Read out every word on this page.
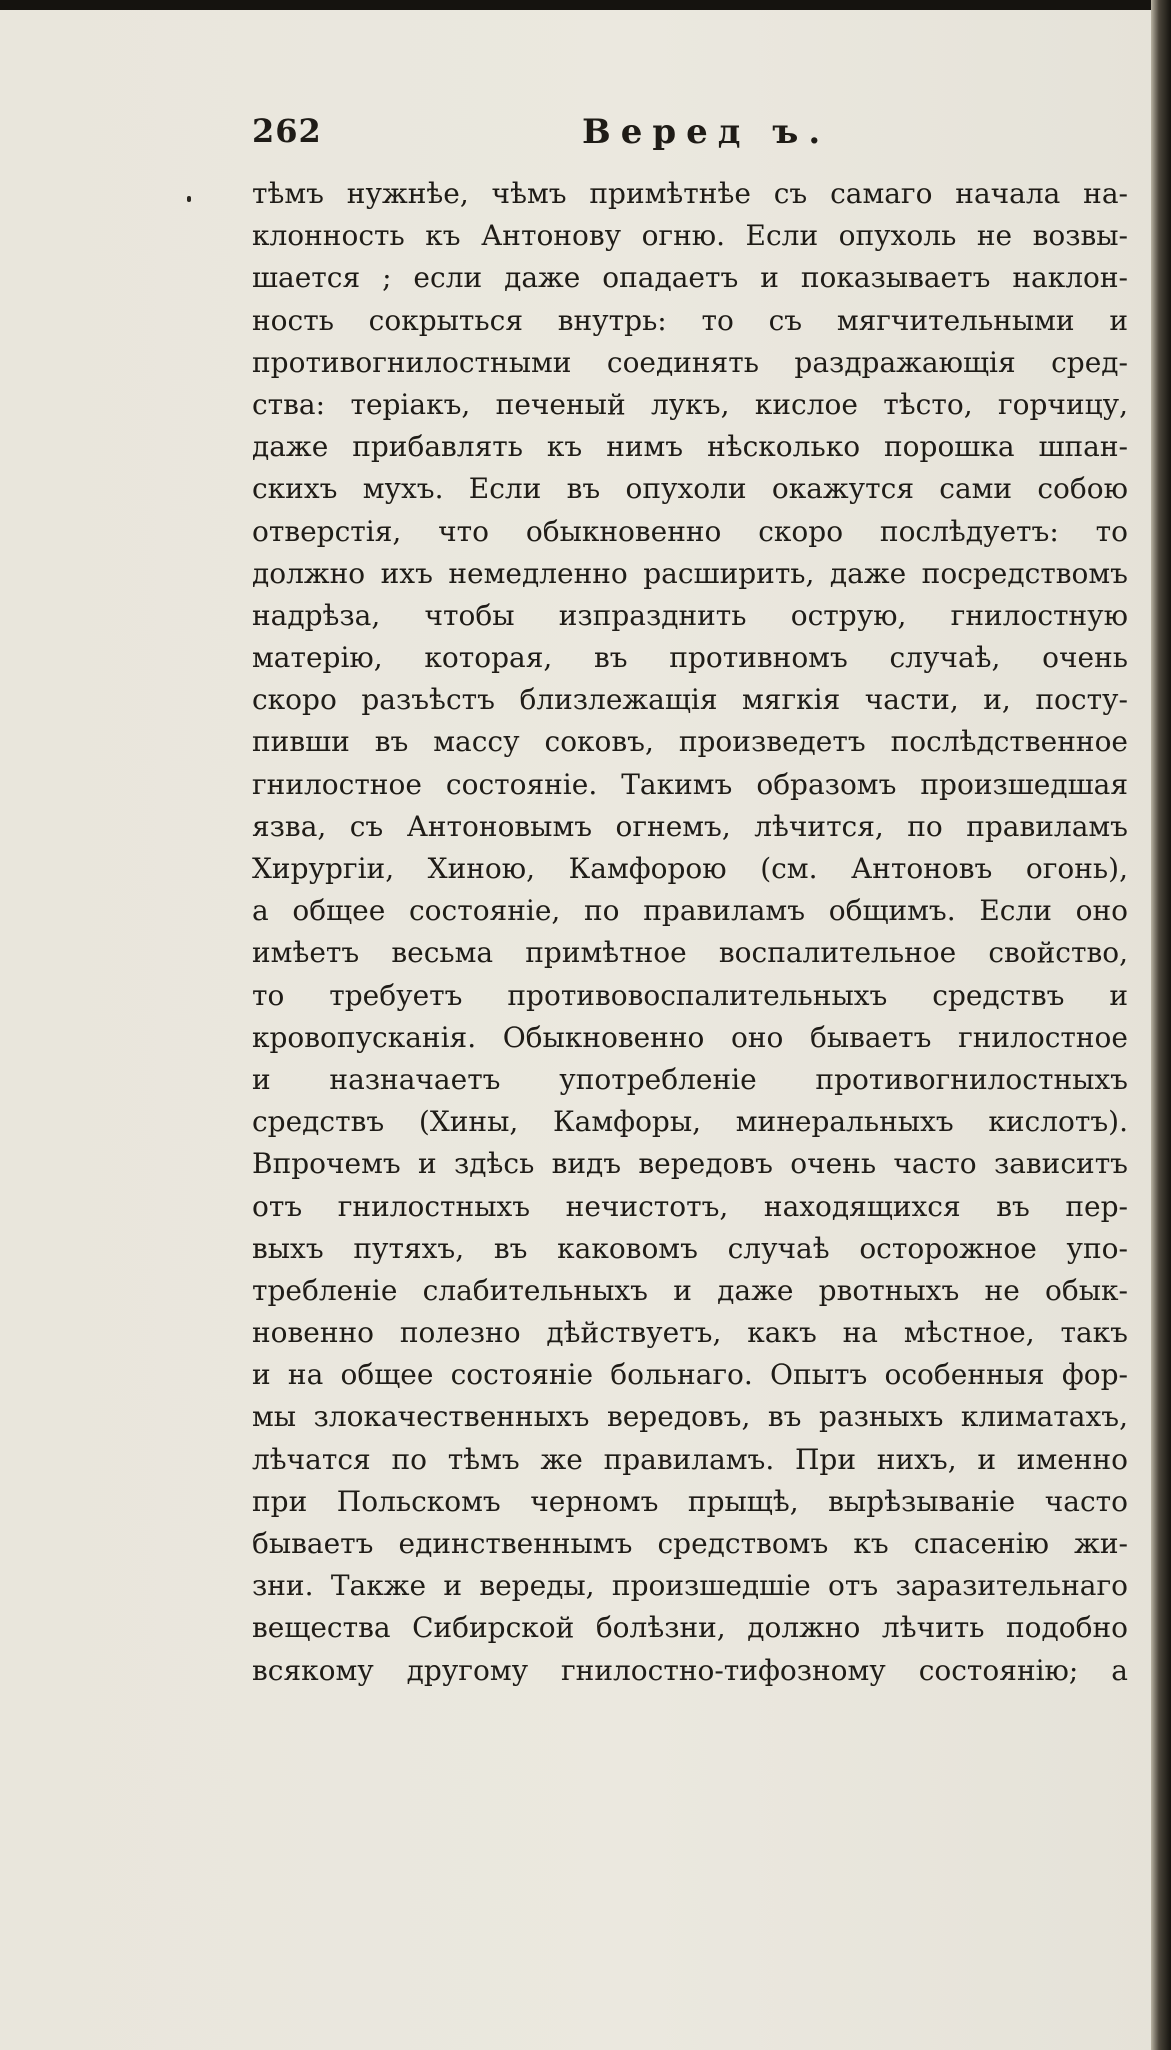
262	Веред ъ.
тѣмъ нужнѣе, чѣмъ примѣтнѣе съ самаго начала на-
клонность къ Антонову огню. Если опухоль не возвы-
шается ; если даже опадаетъ и показываетъ наклон-
ность сокрыться внутрь: то съ мягчительными и
противогнилостными соединять раздражающія сред-
ства: теріакъ, печеный лукъ, кислое тѣсто, горчицу,
даже прибавлять къ нимъ нѣсколько порошка шпан-
скихъ мухъ. Если въ опухоли окажутся сами собою
отверстія, что обыкновенно скоро послѣдуетъ: то
должно ихъ немедленно расширить, даже посредствомъ
надрѣза, чтобы изпразднить острую, гнилостную
матерію, которая, въ противномъ случаѣ, очень
скоро разъѣстъ близлежащія мягкія части, и, посту-
пивши въ массу соковъ, произведетъ послѣдственное
гнилостное состояніе. Такимъ образомъ произшедшая
язва, съ Антоновымъ огнемъ, лѣчится, по правиламъ
Хирургіи, Хиною, Камфорою (см. Антоновъ огонь),
а общее состояніе, по правиламъ общимъ. Если оно
имѣетъ весьма примѣтное воспалительное свойство,
то требуетъ противовоспалительныхъ средствъ и
кровопусканія. Обыкновенно оно бываетъ гнилостное
и назначаетъ употребленіе противогнилостныхъ
средствъ (Хины, Камфоры, минеральныхъ кислотъ).
Впрочемъ и здѣсь видъ вередовъ очень часто зависитъ
отъ гнилостныхъ нечистотъ, находящихся въ пер-
выхъ путяхъ, въ каковомъ случаѣ осторожное упо-
требленіе слабительныхъ и даже рвотныхъ не обык-
новенно полезно дѣйствуетъ, какъ на мѣстное, такъ
и на общее состояніе больнаго. Опытъ особенныя фор-
мы злокачественныхъ вередовъ, въ разныхъ климатахъ,
лѣчатся по тѣмъ же правиламъ. При нихъ, и именно
при Польскомъ черномъ прыщѣ, вырѣзываніе часто
бываетъ единственнымъ средствомъ къ спасенію жи-
зни. Также и вереды, произшедшіе отъ заразительнаго
вещества Сибирской болѣзни, должно лѣчить подобно
всякому другому гнилостно-тифозному состоянію; а
